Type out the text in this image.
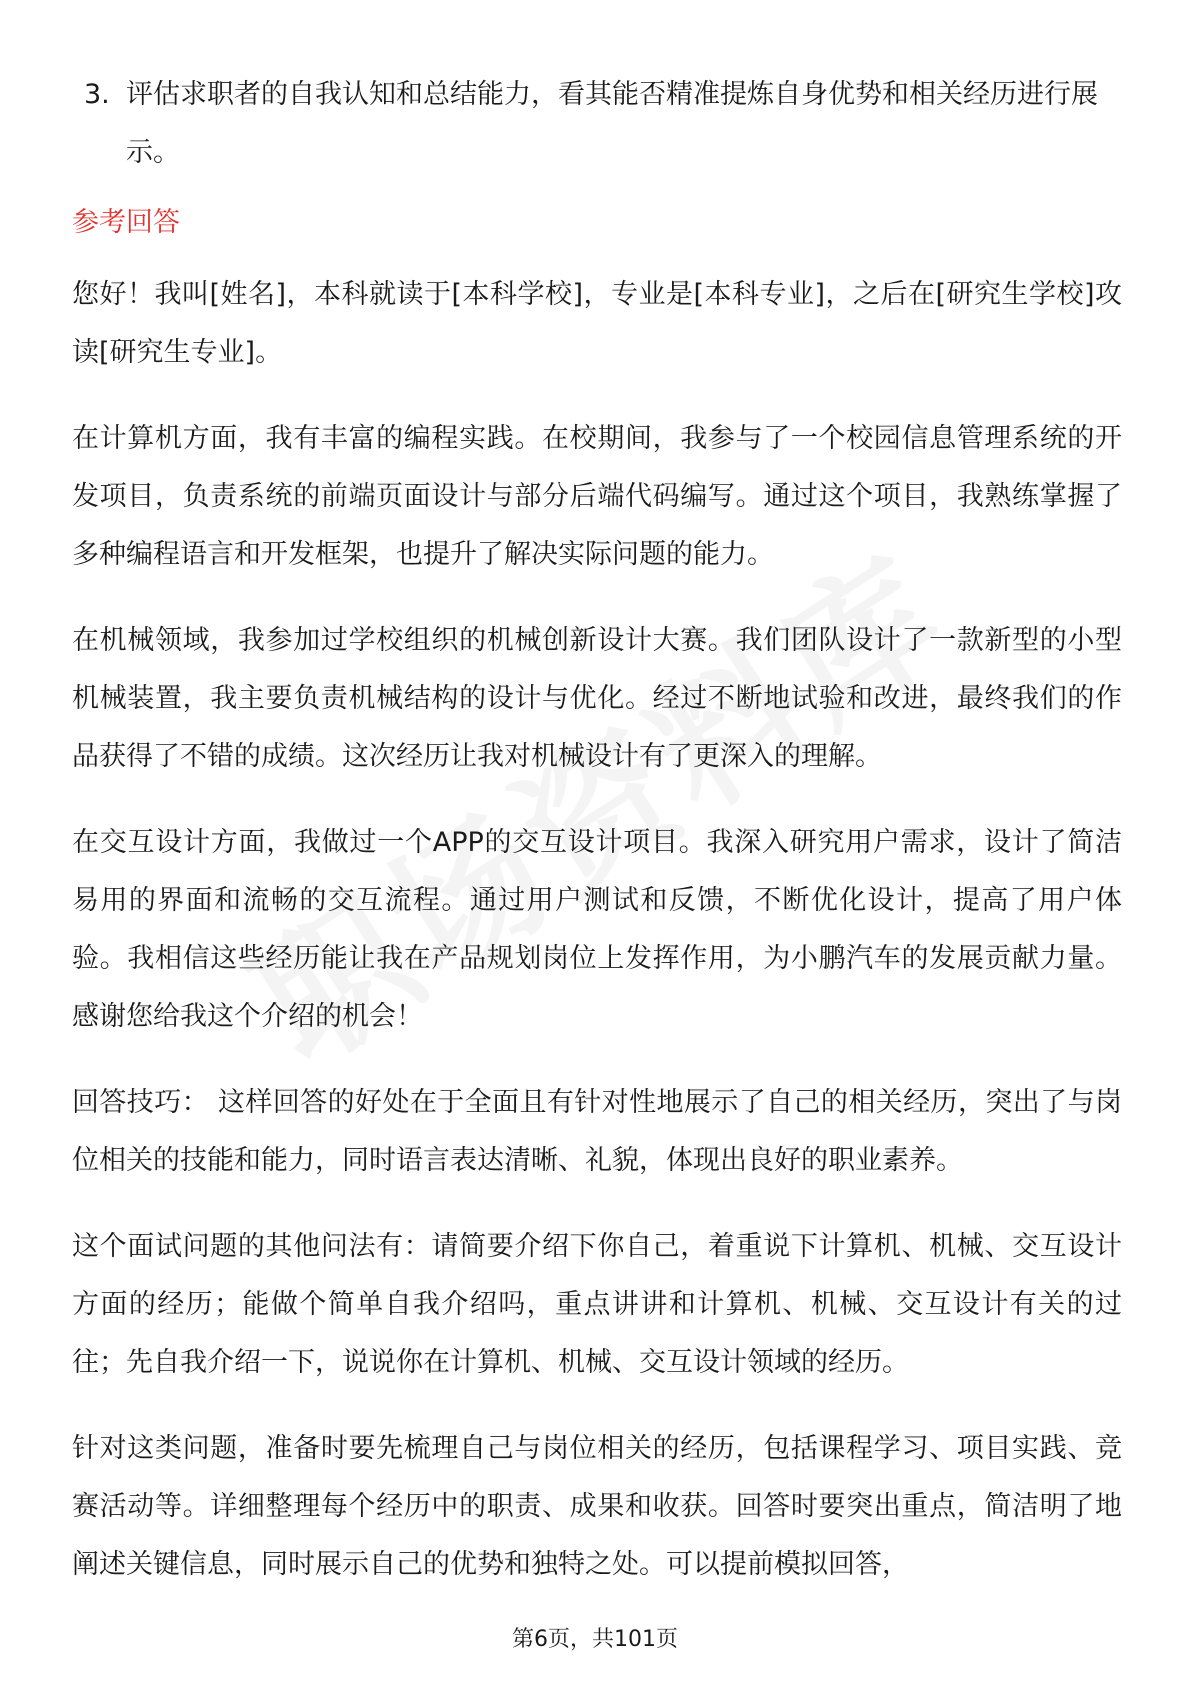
3. 评估求职者的自我认知和总结能力，看其能否精准提炼自身优势和相关经历进行展示。
参考回答

您好！我叫[姓名]，本科就读于[本科学校]，专业是[本科专业]，之后在[研究生学校]攻读[研究生专业]。

在计算机方面，我有丰富的编程实践。在校期间，我参与了一个校园信息管理系统的开发项目，负责系统的前端页面设计与部分后端代码编写。通过这个项目，我熟练掌握了多种编程语言和开发框架，也提升了解决实际问题的能力。

在机械领域，我参加过学校组织的机械创新设计大赛。我们团队设计了一款新型的小型机械装置，我主要负责机械结构的设计与优化。经过不断地试验和改进，最终我们的作品获得了不错的成绩。这次经历让我对机械设计有了更深入的理解。

在交互设计方面，我做过一个APP的交互设计项目。我深入研究用户需求，设计了简洁易用的界面和流畅的交互流程。通过用户测试和反馈，不断优化设计，提高了用户体验。我相信这些经历能让我在产品规划岗位上发挥作用，为小鹏汽车的发展贡献力量。感谢您给我这个介绍的机会！

回答技巧： 这样回答的好处在于全面且有针对性地展示了自己的相关经历，突出了与岗位相关的技能和能力，同时语言表达清晰、礼貌，体现出良好的职业素养。

这个面试问题的其他问法有：请简要介绍下你自己，着重说下计算机、机械、交互设计方面的经历；能做个简单自我介绍吗，重点讲讲和计算机、机械、交互设计有关的过往；先自我介绍一下，说说你在计算机、机械、交互设计领域的经历。

针对这类问题，准备时要先梳理自己与岗位相关的经历，包括课程学习、项目实践、竞赛活动等。详细整理每个经历中的职责、成果和收获。回答时要突出重点，简洁明了地阐述关键信息，同时展示自己的优势和独特之处。可以提前模拟回答，

第6页，共101页
